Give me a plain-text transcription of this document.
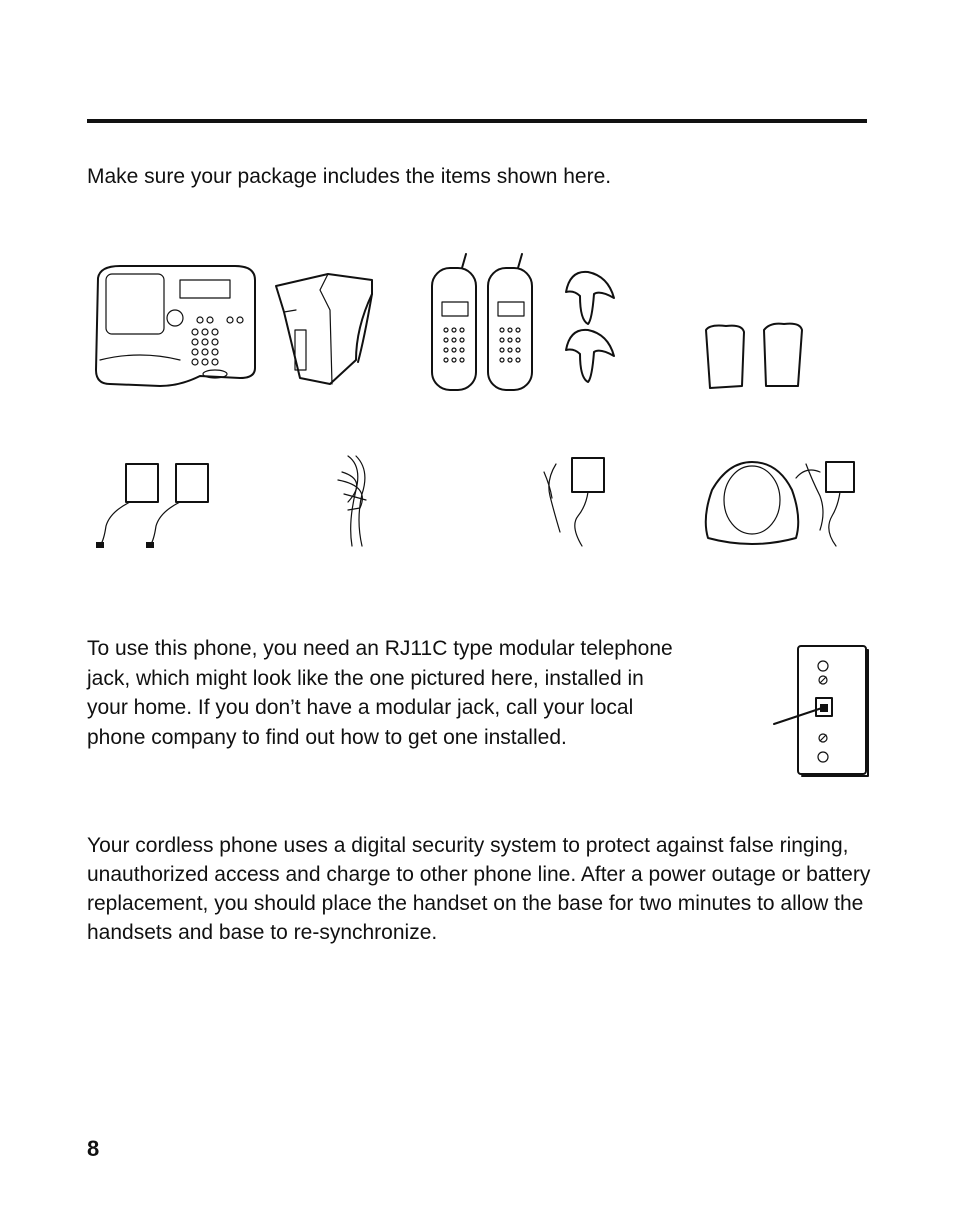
Make sure your package includes the items shown here.

To use this phone, you need an RJ11C type modular telephone jack, which might look like the one pictured here, installed in your home. If you don’t have a modular jack, call your local phone company to find out how to get one installed.

Your cordless phone uses a digital security system to protect against false ringing, unauthorized access and charge to other phone line. After a power outage or battery replacement, you should place the handset on the base for two minutes to allow the handsets and base to re-synchronize.

8
